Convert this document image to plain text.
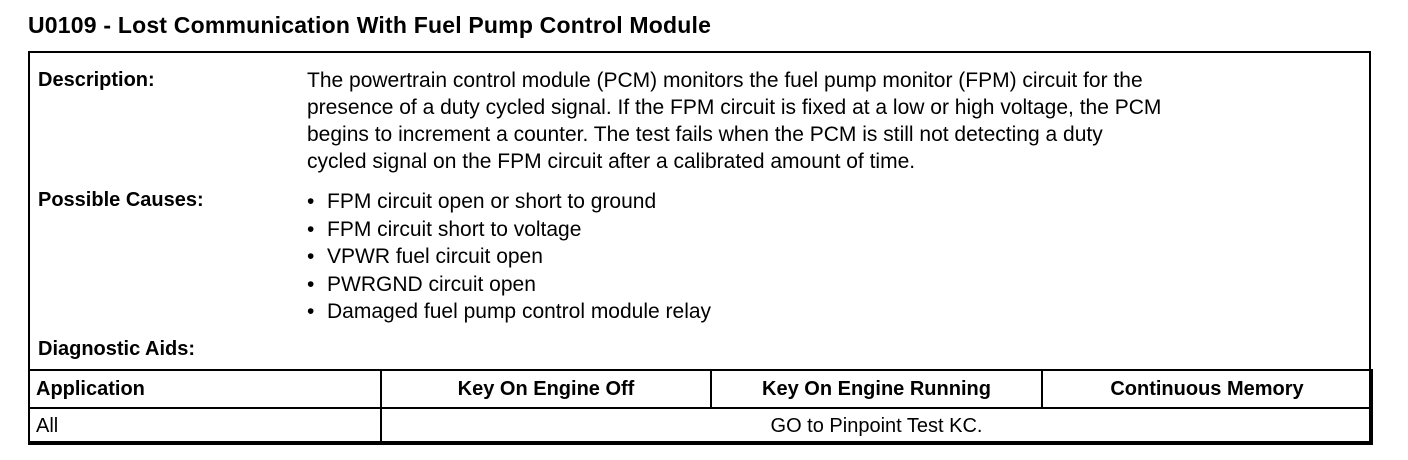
U0109 - Lost Communication With Fuel Pump Control Module
Description:	The powertrain control module (PCM) monitors the fuel pump monitor (FPM) circuit for the
presence of a duty cycled signal. If the FPM circuit is fixed at a low or high voltage, the PCM
begins to increment a counter. The test fails when the PCM is still not detecting a duty
cycled signal on the FPM circuit after a calibrated amount of time.
Possible Causes:	• FPM circuit open or short to ground
• FPM circuit short to voltage
• VPWR fuel circuit open
• PWRGND circuit open
• Damaged fuel pump control module relay
Diagnostic Aids:
Application	Key On Engine Off	Key On Engine Running	Continuous Memory
All	GO to Pinpoint Test KC.		
